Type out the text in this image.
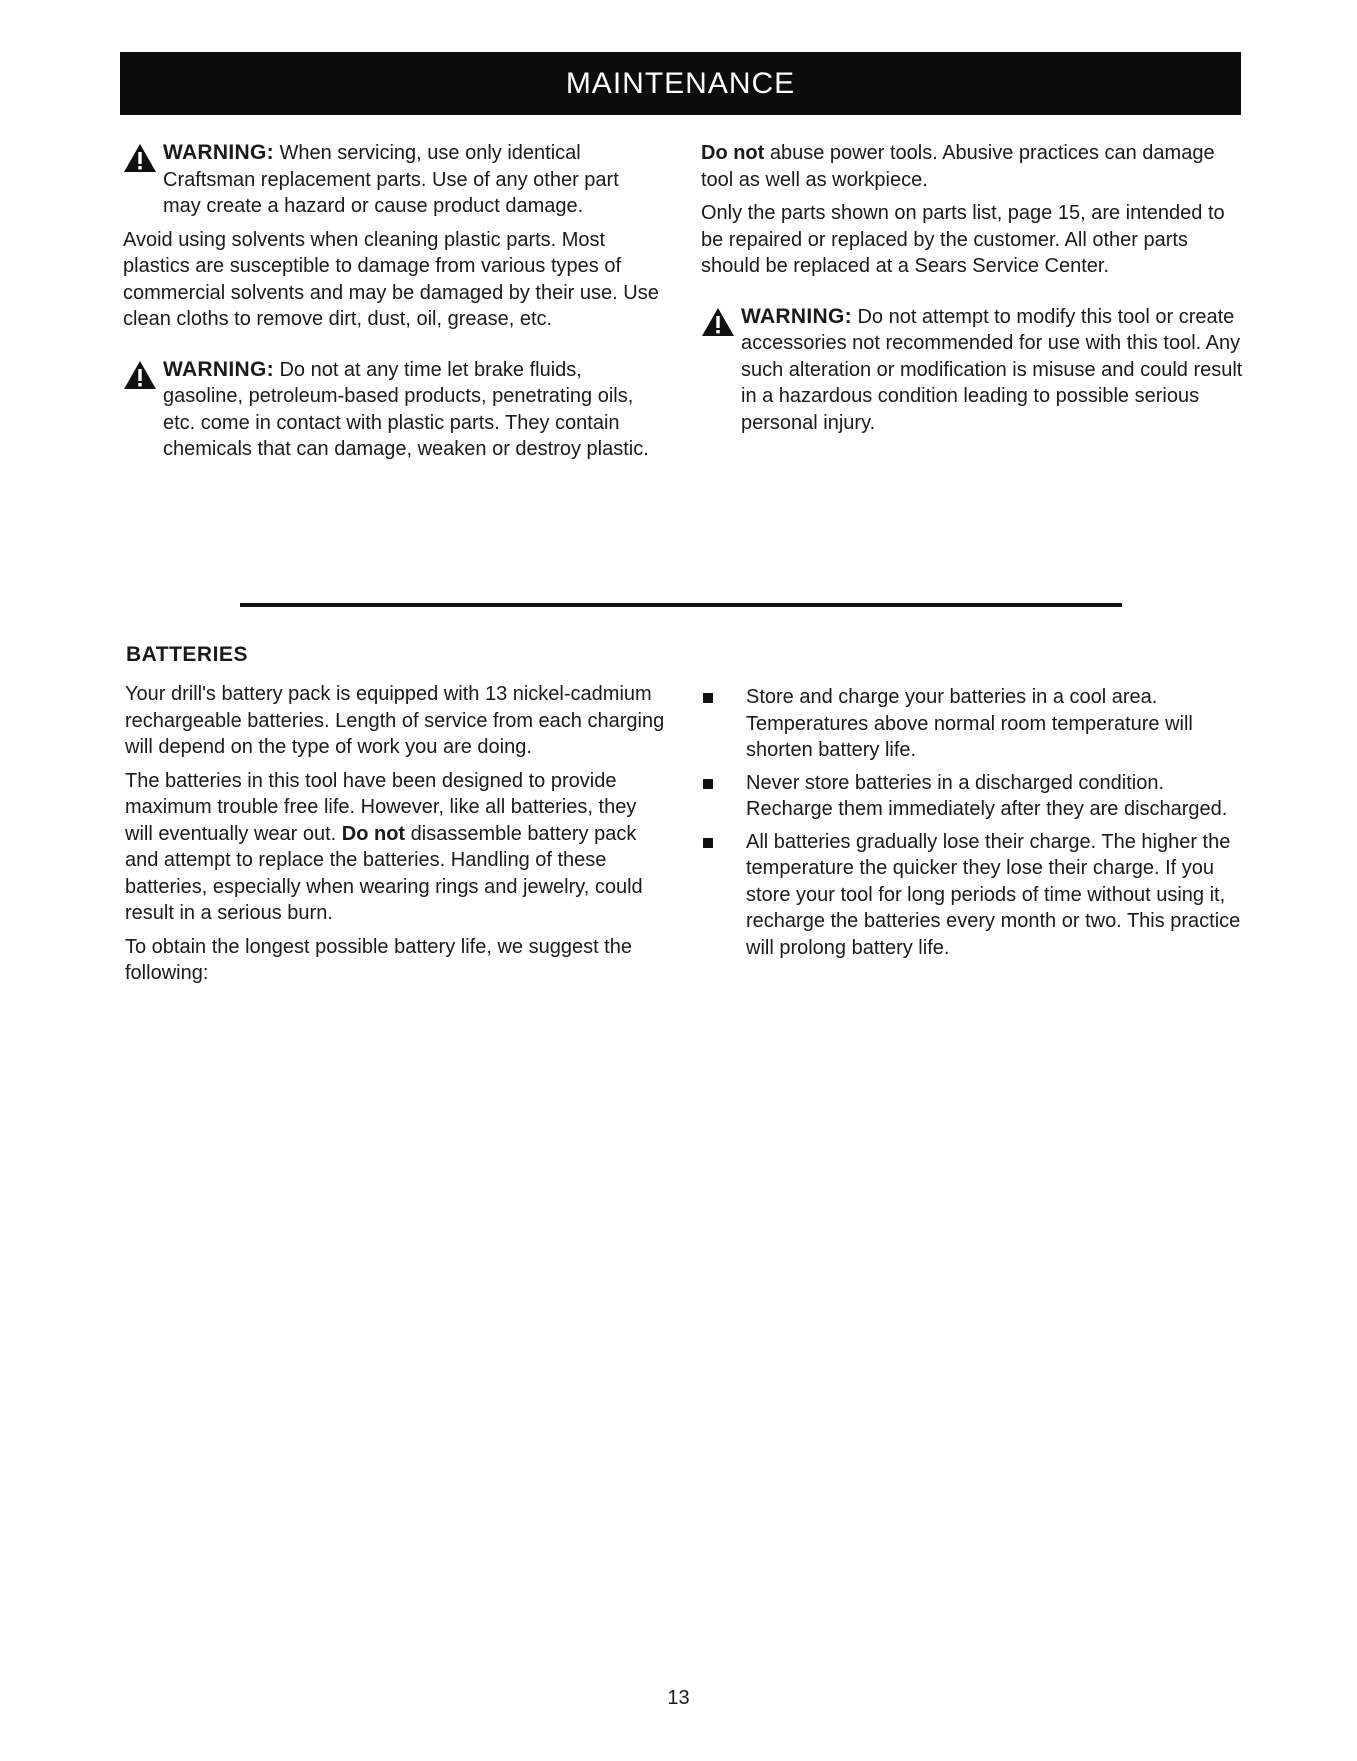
MAINTENANCE
WARNING: When servicing, use only identical Craftsman replacement parts. Use of any other part may create a hazard or cause product damage.

Avoid using solvents when cleaning plastic parts. Most plastics are susceptible to damage from various types of commercial solvents and may be damaged by their use. Use clean cloths to remove dirt, dust, oil, grease, etc.

WARNING: Do not at any time let brake fluids, gasoline, petroleum-based products, penetrating oils, etc. come in contact with plastic parts. They contain chemicals that can damage, weaken or destroy plastic.

Do not abuse power tools. Abusive practices can damage tool as well as workpiece.

Only the parts shown on parts list, page 15, are intended to be repaired or replaced by the customer. All other parts should be replaced at a Sears Service Center.

WARNING: Do not attempt to modify this tool or create accessories not recommended for use with this tool. Any such alteration or modification is misuse and could result in a hazardous condition leading to possible serious personal injury.
BATTERIES

Your drill's battery pack is equipped with 13 nickel-cadmium rechargeable batteries. Length of service from each charging will depend on the type of work you are doing.

The batteries in this tool have been designed to provide maximum trouble free life. However, like all batteries, they will eventually wear out. Do not disassemble battery pack and attempt to replace the batteries. Handling of these batteries, especially when wearing rings and jewelry, could result in a serious burn.

To obtain the longest possible battery life, we suggest the following:

Store and charge your batteries in a cool area. Temperatures above normal room temperature will shorten battery life.
Never store batteries in a discharged condition. Recharge them immediately after they are discharged.
All batteries gradually lose their charge. The higher the temperature the quicker they lose their charge. If you store your tool for long periods of time without using it, recharge the batteries every month or two. This practice will prolong battery life.
13
